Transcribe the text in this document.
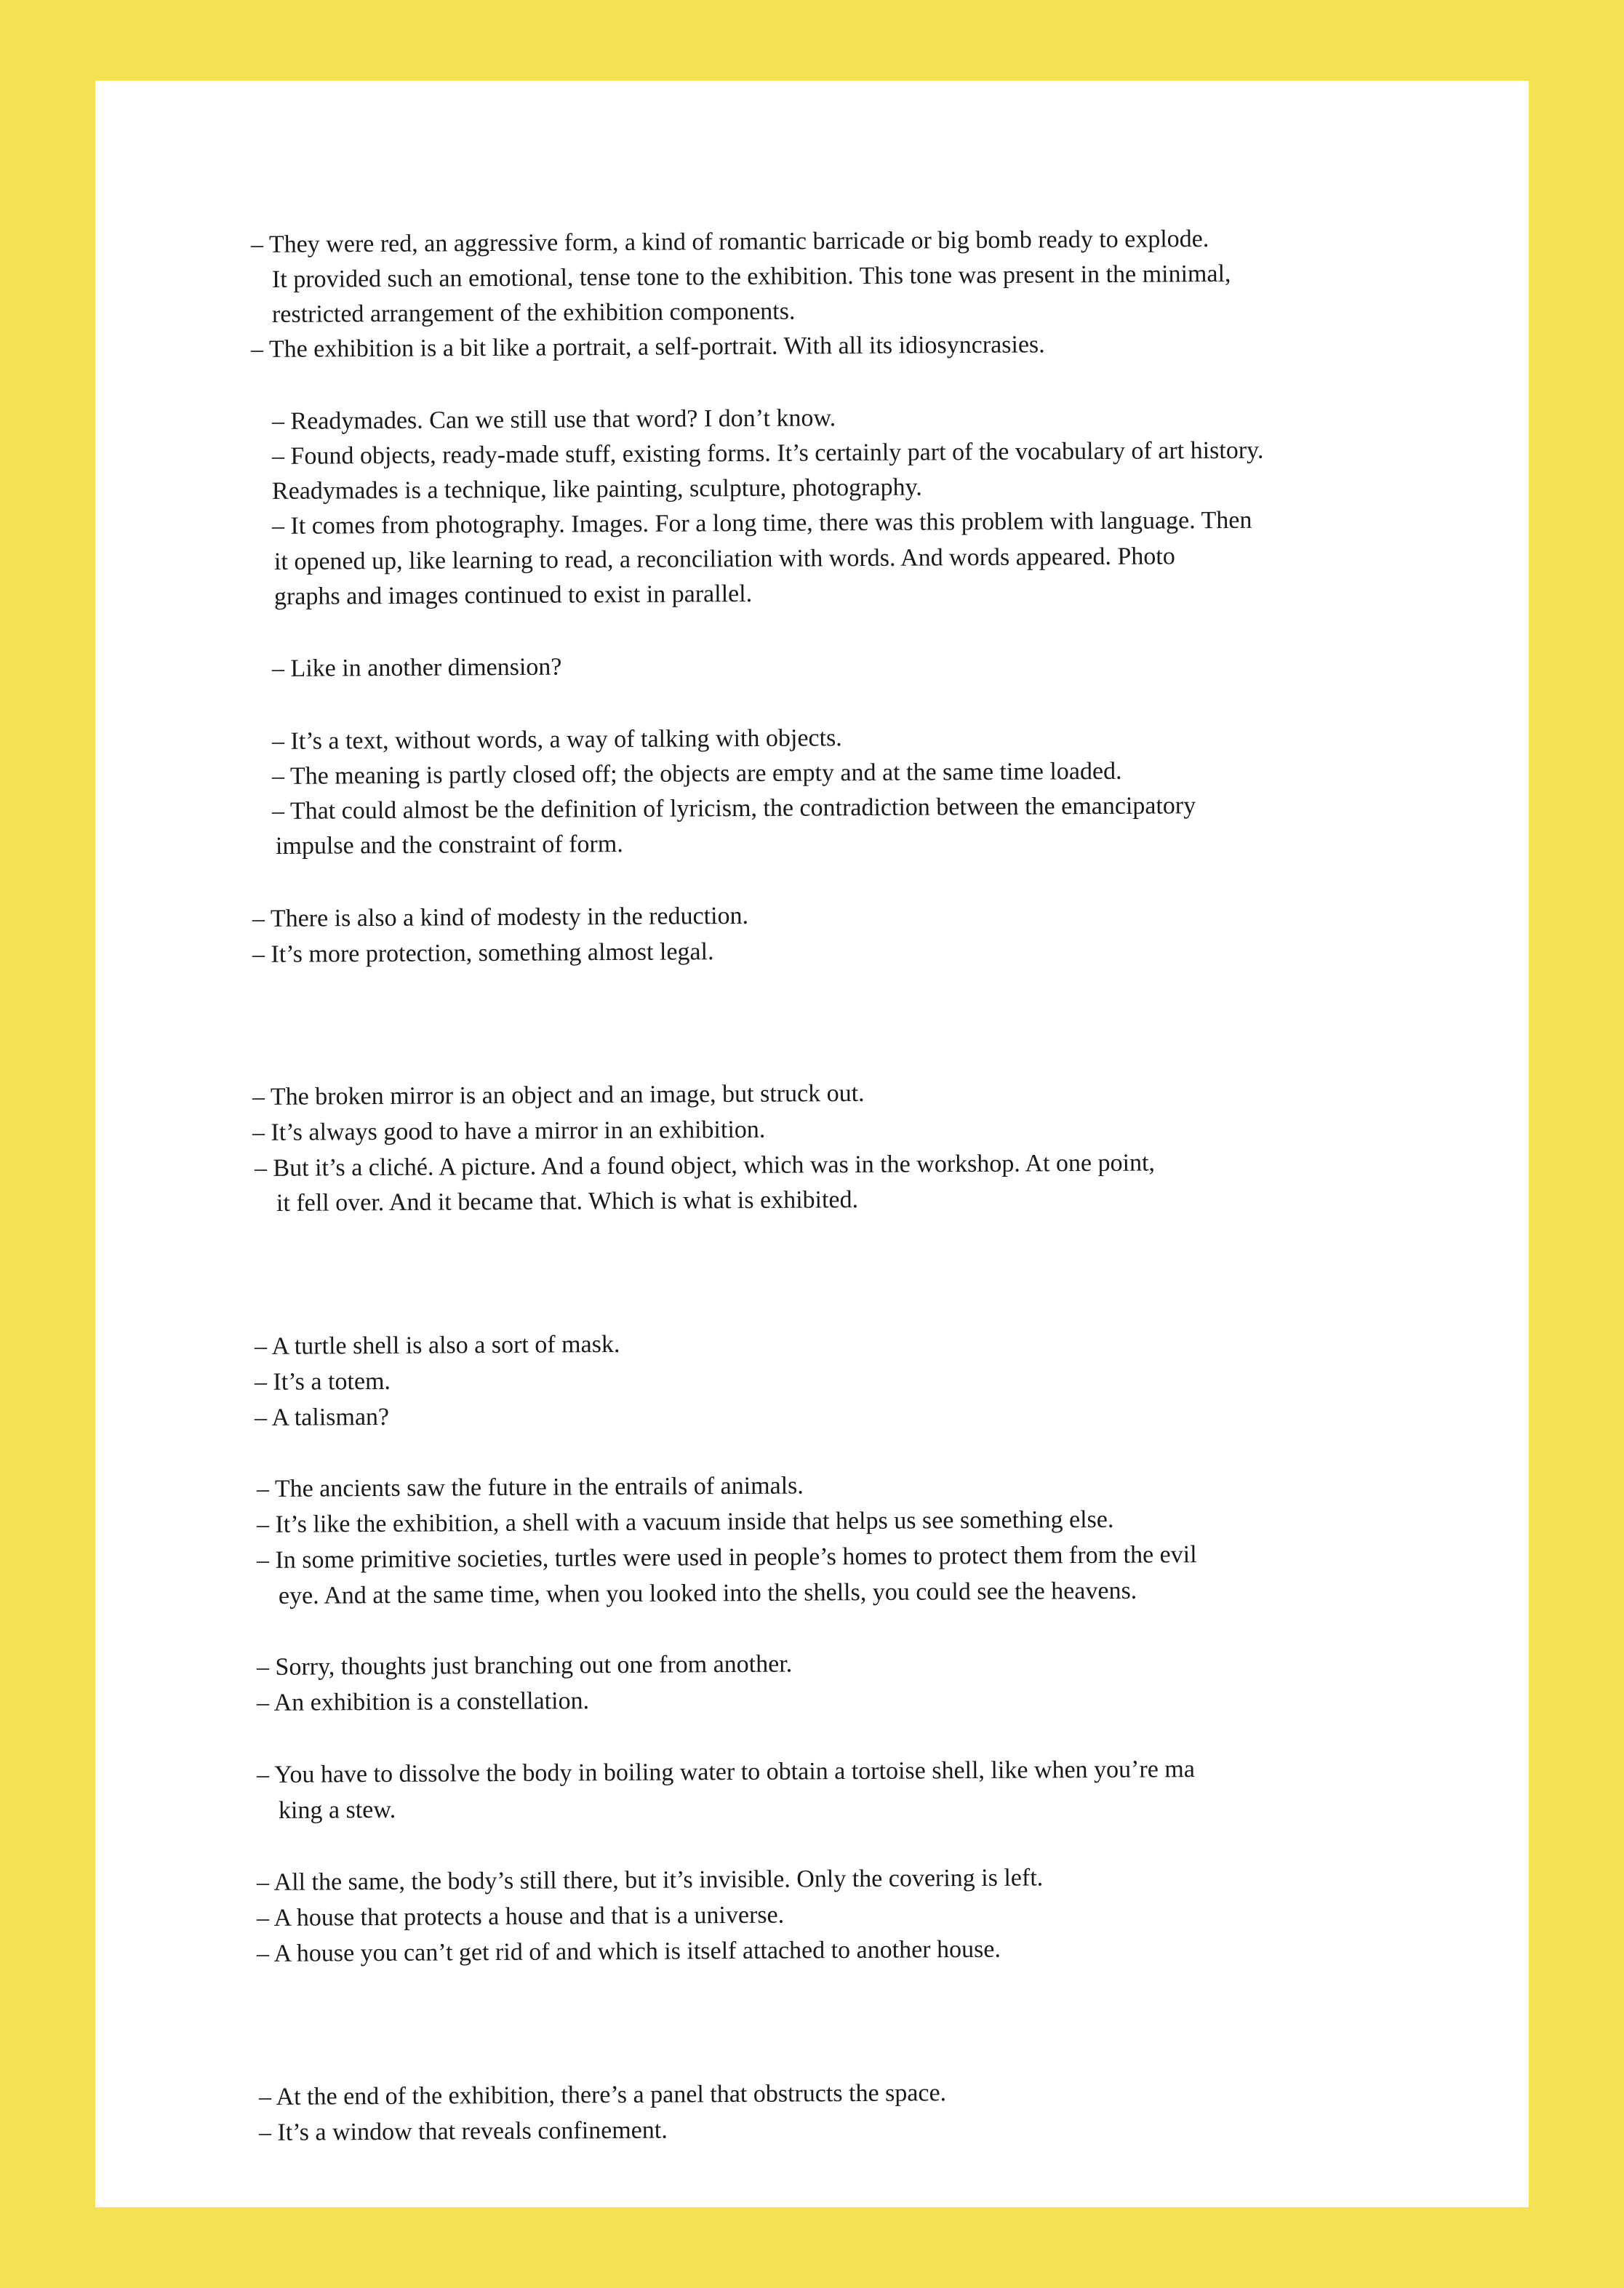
– They were red, an aggressive form, a kind of romantic barricade or big bomb ready to explode.
It provided such an emotional, tense tone to the exhibition. This tone was present in the minimal,
restricted arrangement of the exhibition components.
– The exhibition is a bit like a portrait, a self-portrait. With all its idiosyncrasies.
– Readymades. Can we still use that word? I don’t know.
– Found objects, ready-made stuff, existing forms. It’s certainly part of the vocabulary of art history.
Readymades is a technique, like painting, sculpture, photography.
– It comes from photography. Images. For a long time, there was this problem with language. Then
it opened up, like learning to read, a reconciliation with words. And words appeared. Photo
graphs and images continued to exist in parallel.
– Like in another dimension?
– It’s a text, without words, a way of talking with objects.
– The meaning is partly closed off; the objects are empty and at the same time loaded.
– That could almost be the definition of lyricism, the contradiction between the emancipatory
impulse and the constraint of form.
– There is also a kind of modesty in the reduction.
– It’s more protection, something almost legal.
– The broken mirror is an object and an image, but struck out.
– It’s always good to have a mirror in an exhibition.
– But it’s a cliché. A picture. And a found object, which was in the workshop. At one point,
it fell over. And it became that. Which is what is exhibited.
– A turtle shell is also a sort of mask.
– It’s a totem.
– A talisman?
– The ancients saw the future in the entrails of animals.
– It’s like the exhibition, a shell with a vacuum inside that helps us see something else.
– In some primitive societies, turtles were used in people’s homes to protect them from the evil
eye. And at the same time, when you looked into the shells, you could see the heavens.
– Sorry, thoughts just branching out one from another.
– An exhibition is a constellation.
– You have to dissolve the body in boiling water to obtain a tortoise shell, like when you’re ma
king a stew.
– All the same, the body’s still there, but it’s invisible. Only the covering is left.
– A house that protects a house and that is a universe.
– A house you can’t get rid of and which is itself attached to another house.
– At the end of the exhibition, there’s a panel that obstructs the space.
– It’s a window that reveals confinement.
